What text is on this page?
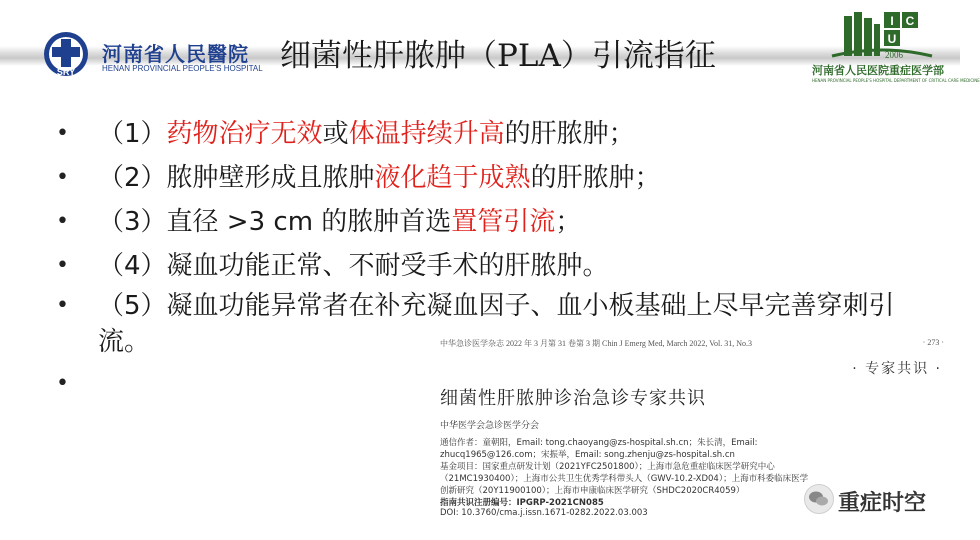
SRY
河南省人民醫院
HENAN PROVINCIAL PEOPLE'S HOSPITAL 细菌性肝脓肿（PLA）引流指征
I C
U
2006
河南省人民医院重症医学部
HENAN PROVINCIAL PEOPLE'S HOSPITAL DEPARTMENT OF CRITICAL CARE MEDICINE
• （1）药物治疗无效或体温持续升高的肝脓肿；
• （2）脓肿壁形成且脓肿液化趋于成熟的肝脓肿；
• （3）直径 >3 cm 的脓肿首选置管引流；
• （4）凝血功能正常、不耐受手术的肝脓肿。
• （5）凝血功能异常者在补充凝血因子、血小板基础上尽早完善穿刺引流。
•
中华急诊医学杂志 2022 年 3 月第 31 卷第 3 期 Chin J Emerg Med, March 2022, Vol. 31, No.3	· 273 ·
· 专家共识 ·
细菌性肝脓肿诊治急诊专家共识
中华医学会急诊医学分会
通信作者：童朝阳，Email: tong.chaoyang@zs-hospital.sh.cn；朱长清，Email:
zhucq1965@126.com；宋振举，Email: song.zhenju@zs-hospital.sh.cn
基金项目：国家重点研发计划（2021YFC2501800）；上海市急危重症临床医学研究中心
（21MC1930400）；上海市公共卫生优秀学科带头人（GWV-10.2-XD04）；上海市科委临床医学
创新研究（20Y11900100）；上海市申康临床医学研究（SHDC2020CR4059）
指南共识注册编号：IPGRP-2021CN085
DOI: 10.3760/cma.j.issn.1671-0282.2022.03.003	重症时空
